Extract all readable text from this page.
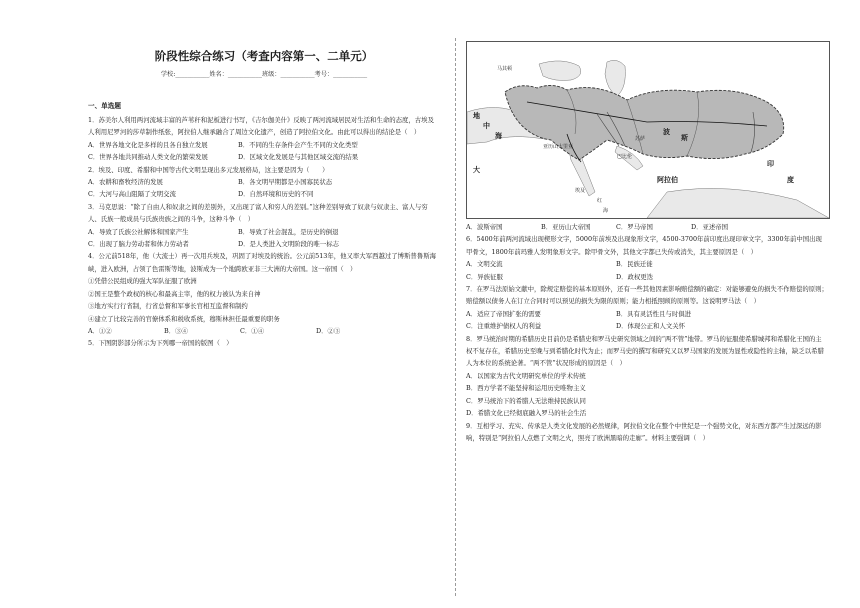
阶段性综合练习（考查内容第一、二单元）
学校:___________姓名：___________班级：___________考号：___________
一、单选题

1．苏美尔人利用两河流域丰富的芦苇秆和泥板进行书写，《吉尔伽美什》反映了两河流域居民对生活和生命的态度，古埃及人利用尼罗河的莎草制作纸张，阿拉伯人继承融合了周边文化遗产，创造了阿拉伯文化。由此可以得出的结论是（　）

A．世界各地文化是多样的且各自独立发展	B．不同的生存条件会产生不同的文化类型
C．世界各地共同推动人类文化的繁荣发展	D．区域文化发展是与其他区域交流的结果

2．埃及、印度、希腊和中国等古代文明呈现出多元发展格局，这主要是因为（　　）

A．农耕和畜牧经济的发展	B．各文明早期都是小国寡民状态
C．大河与高山阻隔了文明交流	D．自然环境和历史的不同

3．马克思说：“除了自由人和奴隶之间的差别外，又出现了富人和穷人的差别。”这种差别导致了奴隶与奴隶主、富人与穷人、氏族一般成员与氏族贵族之间的斗争，这种斗争（　）

A．导致了氏族公社解体和国家产生	B．导致了社会混乱，是历史的倒退
C．出现了脑力劳动者和体力劳动者	D．是人类进入文明阶段的唯一标志

4．公元前518年，他（大流士）再一次用兵埃及，巩固了对埃及的统治。公元前513年，他又率大军西越过了博斯普鲁斯海峡，进入欧洲，占领了色雷斯等地，波斯成为一个地跨欧亚非三大洲的大帝国。这一帝国（　）

①凭借公民组成的强大军队征服了欧洲

②国王是整个政权的核心和最高主宰，他的权力被认为来自神

③地方实行行省制，行省总督和军事长官相互监督和制约

④建立了比较完善的官僚体系和税收系统，穆斯林担任最重要的职务

A．①②	B．③④	C．①④	D．②③

5．下图阴影部分所示为下列哪一帝国的版图（　）

马其顿
埃及
巴比伦
苏萨
波
斯
印
度
阿拉伯
地
中
海
亚历山大里亚
大
红
海
A．波斯帝国	B．亚历山大帝国	C．罗马帝国	D．亚述帝国

6．5400年前两河流域出现楔形文字，5000年前埃及出现象形文字，4500-3700年前印度出现印章文字，3300年前中国出现甲骨文，1800年前玛雅人发明象形文字。除甲骨文外，其他文字都已失传或消失，其主要原因是（　）

A．文明交流	B．民族迁徙
C．异族征服	D．政权更迭

7．在罗马法原始文献中，除规定赔偿的基本原则外，还有一些其他因素影响赔偿额的确定：对能够避免的损失不作赔偿的原则；赔偿额以债务人在订立合同时可以预见的损失为限的原则；能力相抵照顾的原则等。这说明罗马法（　）

A．适应了帝国扩张的需要	B．具有灵活性且与时俱进
C．注重维护债权人的利益	D．体现公正和人文关怀

8．罗马统治时期的希腊历史目前仍是希腊史和罗马史研究领域之间的“两不管”地带。罗马的征服使希腊城邦和希腊化王国的主权不复存在，希腊历史至晚与到希腊化时代为止；而罗马史的撰写和研究又以罗马国家的发展为显性或隐性的主轴，缺乏以希腊人为本位的系统论著。“两不管”状况形成的原因是（　）

A．以国家为古代文明研究单位的学术传统
B．西方学者不能坚持和运用历史唯物主义
C．罗马统治下的希腊人无法维持民族认同
D．希腊文化已经彻底融入罗马的社会生活

9．互相学习、充实、传承是人类文化发展的必然规律，阿拉伯文化在整个中世纪是一个强势文化，对东西方都产生过深远的影响，特别是“阿拉伯人点燃了文明之火，照亮了欧洲黑暗的走廊”。材料主要强调（　）
